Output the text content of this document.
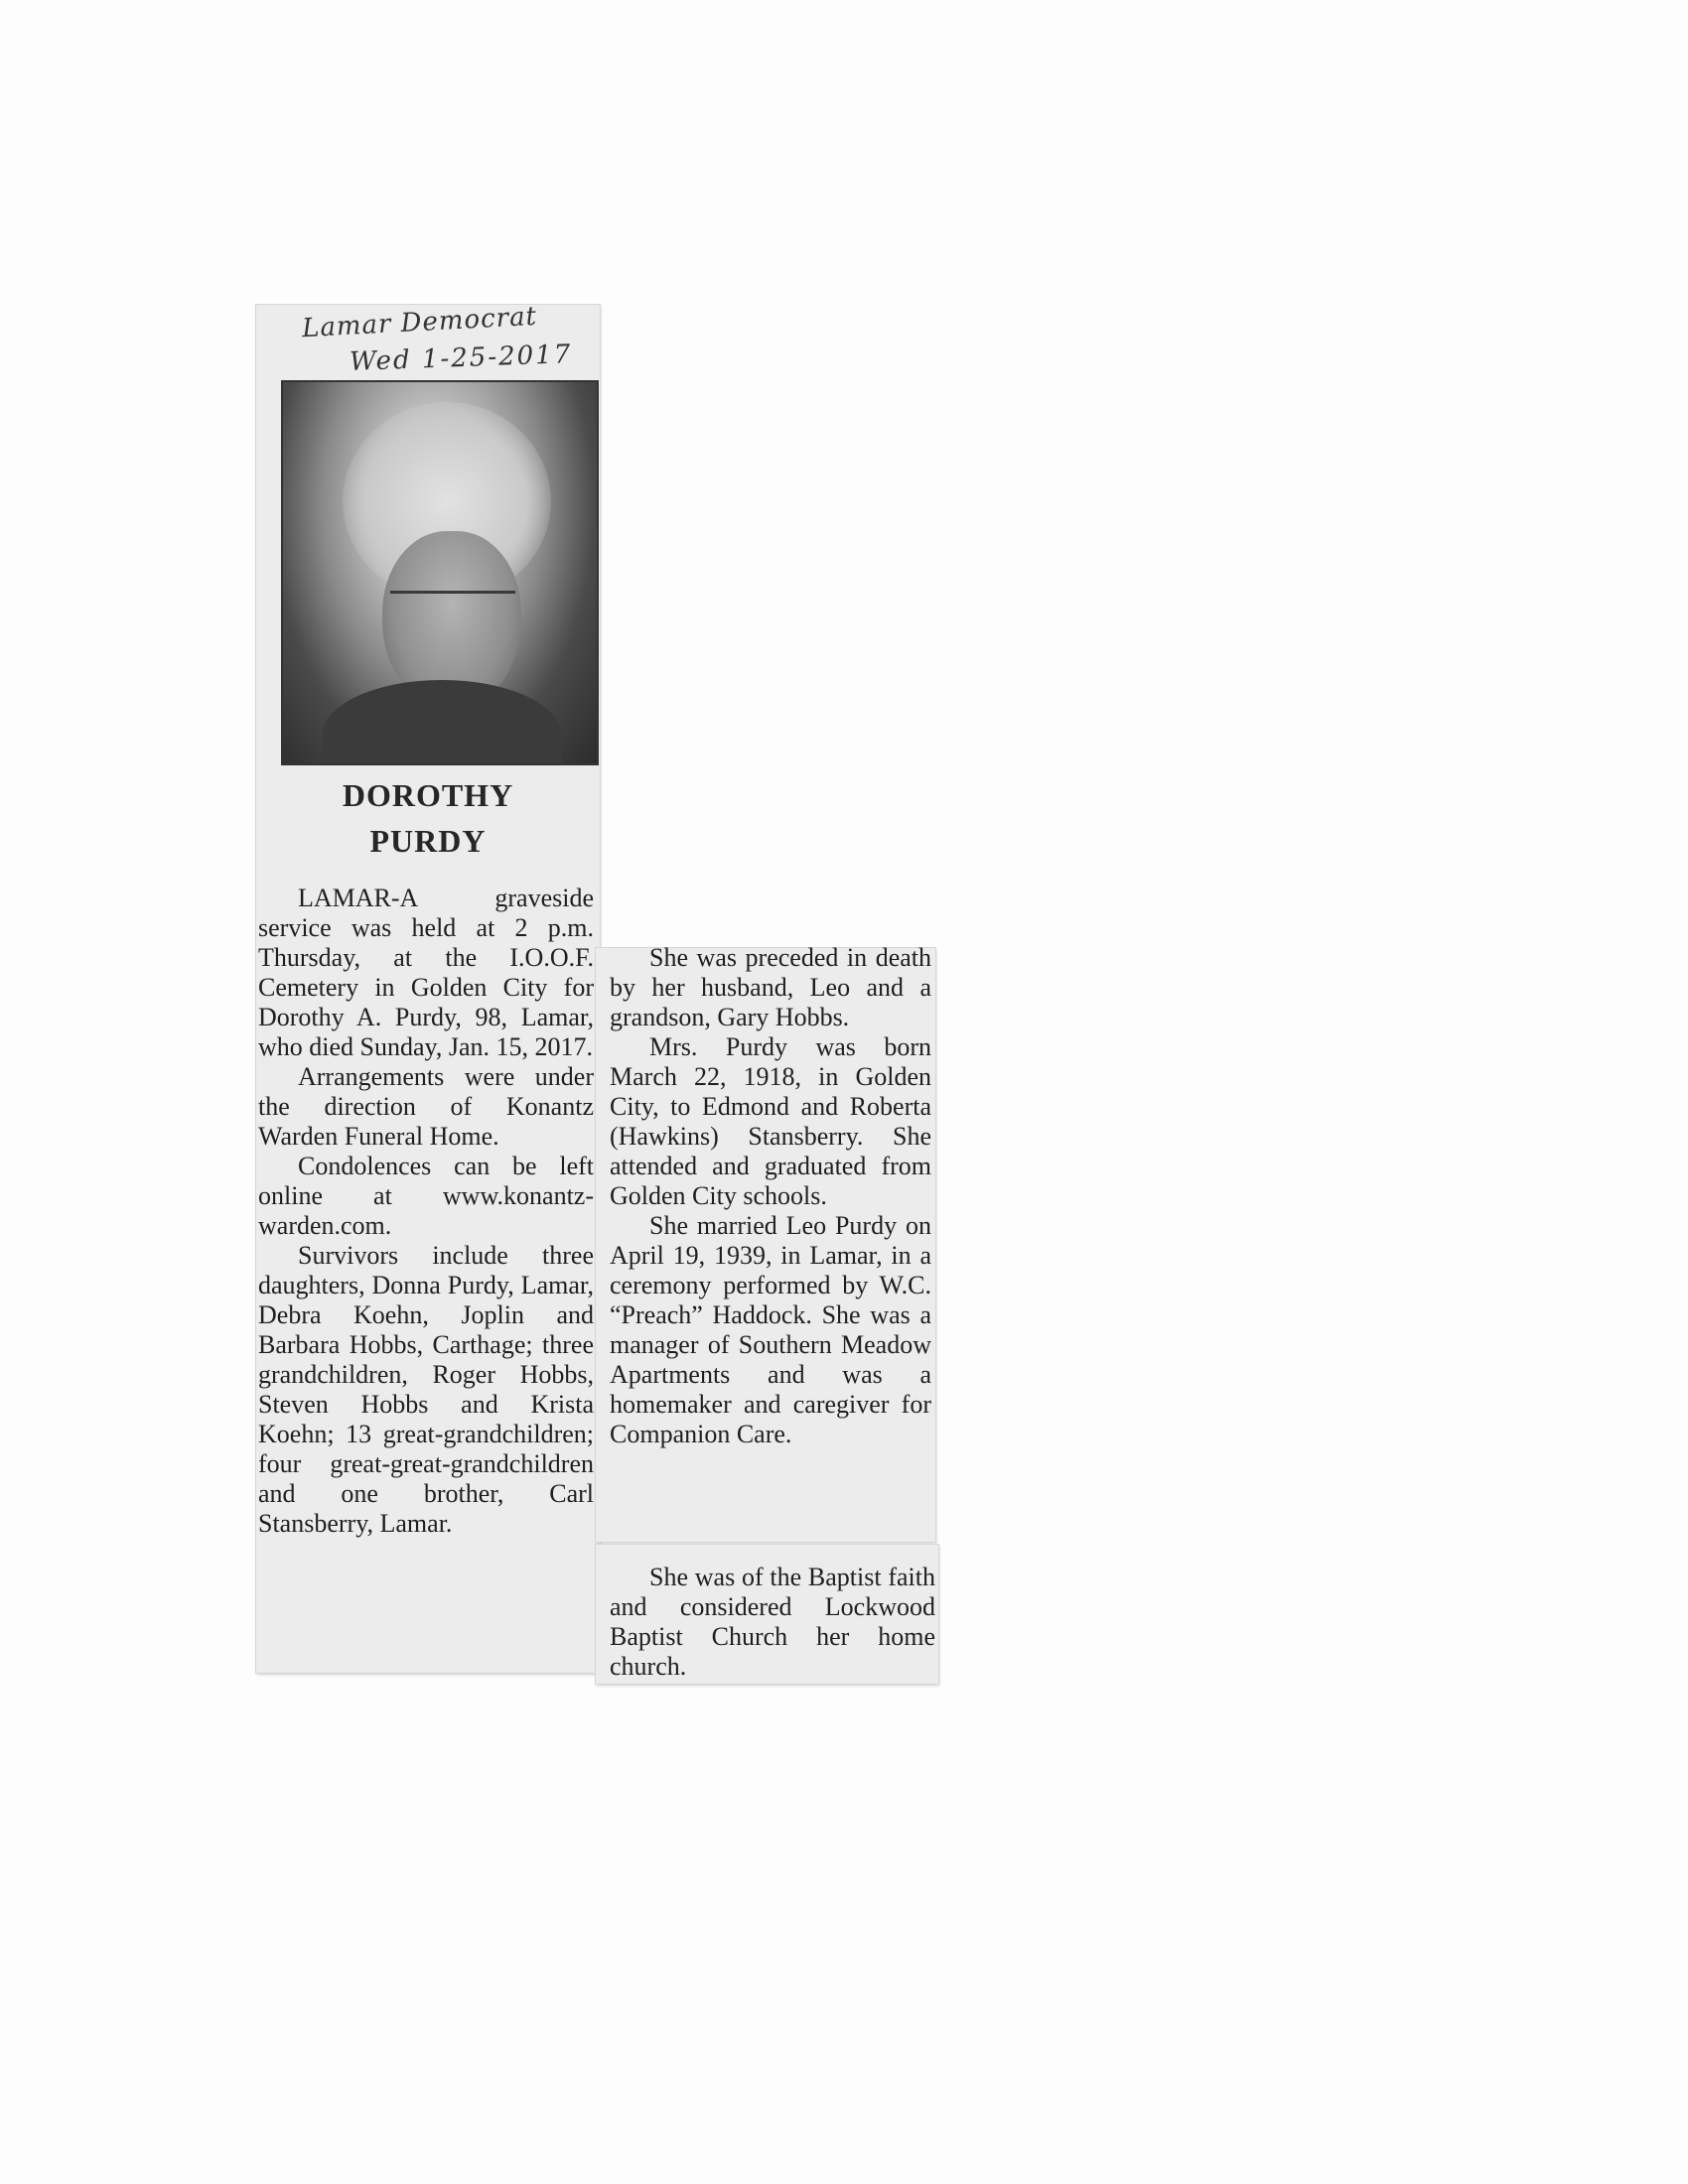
Lamar Democrat
Wed 1-25-2017
DOROTHY
PURDY

LAMAR-A graveside service was held at 2 p.m. Thursday, at the I.O.O.F. Cemetery in Golden City for Dorothy A. Purdy, 98, Lamar, who died Sunday, Jan. 15, 2017.

Arrangements were under the direction of Konantz Warden Funeral Home.

Condolences can be left online at www.konantz-warden.com.

Survivors include three daughters, Donna Purdy, Lamar, Debra Koehn, Joplin and Barbara Hobbs, Carthage; three grandchildren, Roger Hobbs, Steven Hobbs and Krista Koehn; 13 great-grandchildren; four great-great-grandchildren and one brother, Carl Stansberry, Lamar.

She was preceded in death by her husband, Leo and a grandson, Gary Hobbs.

Mrs. Purdy was born March 22, 1918, in Golden City, to Edmond and Roberta (Hawkins) Stansberry. She attended and graduated from Golden City schools.

She married Leo Purdy on April 19, 1939, in Lamar, in a ceremony performed by W.C. “Preach” Haddock. She was a manager of Southern Meadow Apartments and was a homemaker and caregiver for Companion Care.

She was of the Baptist faith and considered Lockwood Baptist Church her home church.
